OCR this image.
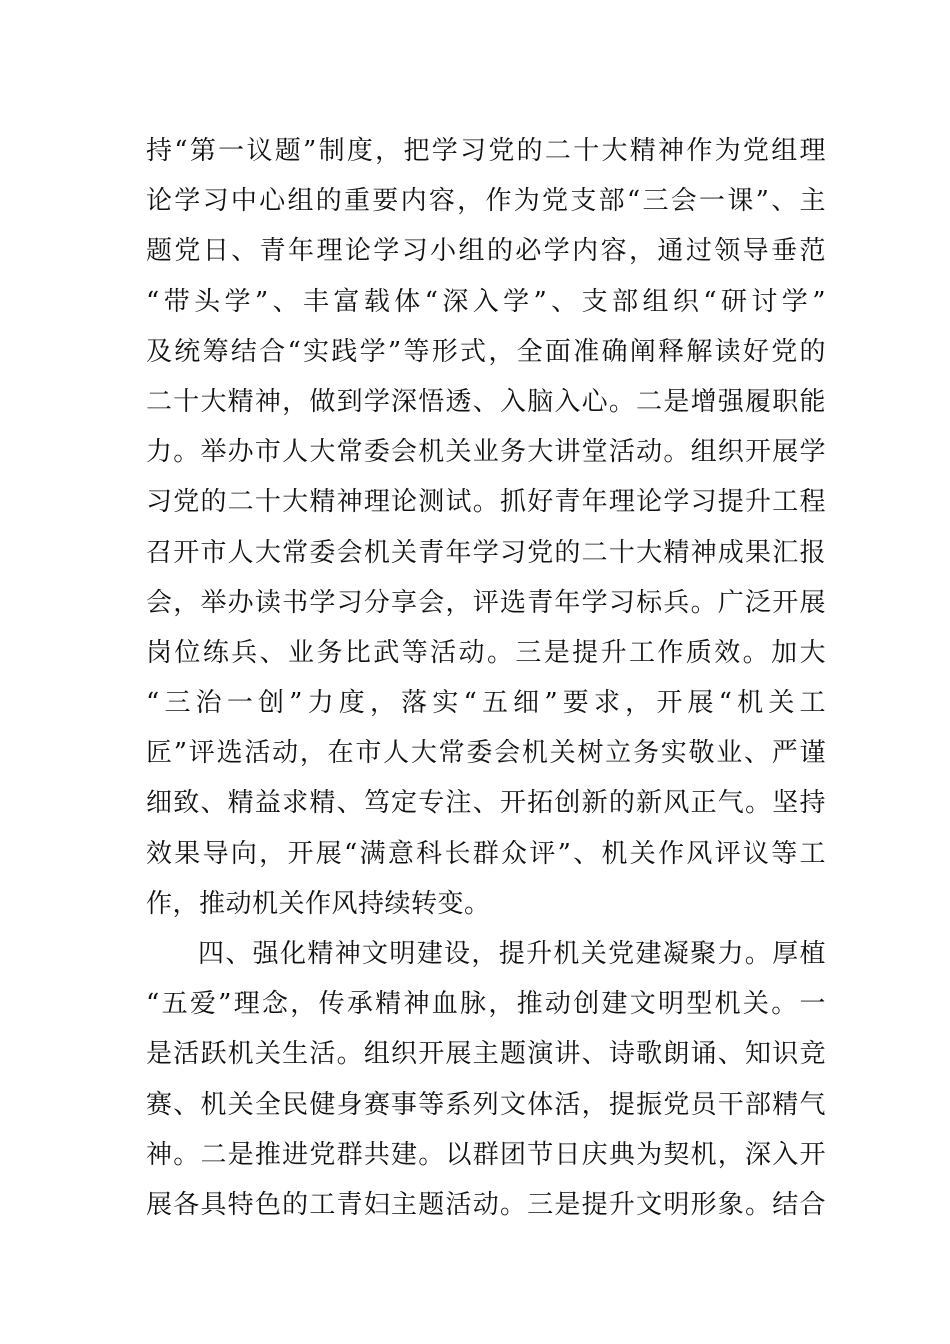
持“第一议题”制度，把学习党的二十大精神作为党组理
论学习中心组的重要内容，作为党支部“三会一课”、主
题党日、青年理论学习小组的必学内容，通过领导垂范
“带头学”、丰富载体“深入学”、支部组织“研讨学”
及统筹结合“实践学”等形式，全面准确阐释解读好党的
二十大精神，做到学深悟透、入脑入心。二是增强履职能
力。举办市人大常委会机关业务大讲堂活动。组织开展学
习党的二十大精神理论测试。抓好青年理论学习提升工程
召开市人大常委会机关青年学习党的二十大精神成果汇报
会，举办读书学习分享会，评选青年学习标兵。广泛开展
岗位练兵、业务比武等活动。三是提升工作质效。加大
“三治一创”力度，落实“五细”要求，开展“机关工
匠”评选活动，在市人大常委会机关树立务实敬业、严谨
细致、精益求精、笃定专注、开拓创新的新风正气。坚持
效果导向，开展“满意科长群众评”、机关作风评议等工
作，推动机关作风持续转变。
四、强化精神文明建设，提升机关党建凝聚力。厚植
“五爱”理念，传承精神血脉，推动创建文明型机关。一
是活跃机关生活。组织开展主题演讲、诗歌朗诵、知识竞
赛、机关全民健身赛事等系列文体活，提振党员干部精气
神。二是推进党群共建。以群团节日庆典为契机，深入开
展各具特色的工青妇主题活动。三是提升文明形象。结合
